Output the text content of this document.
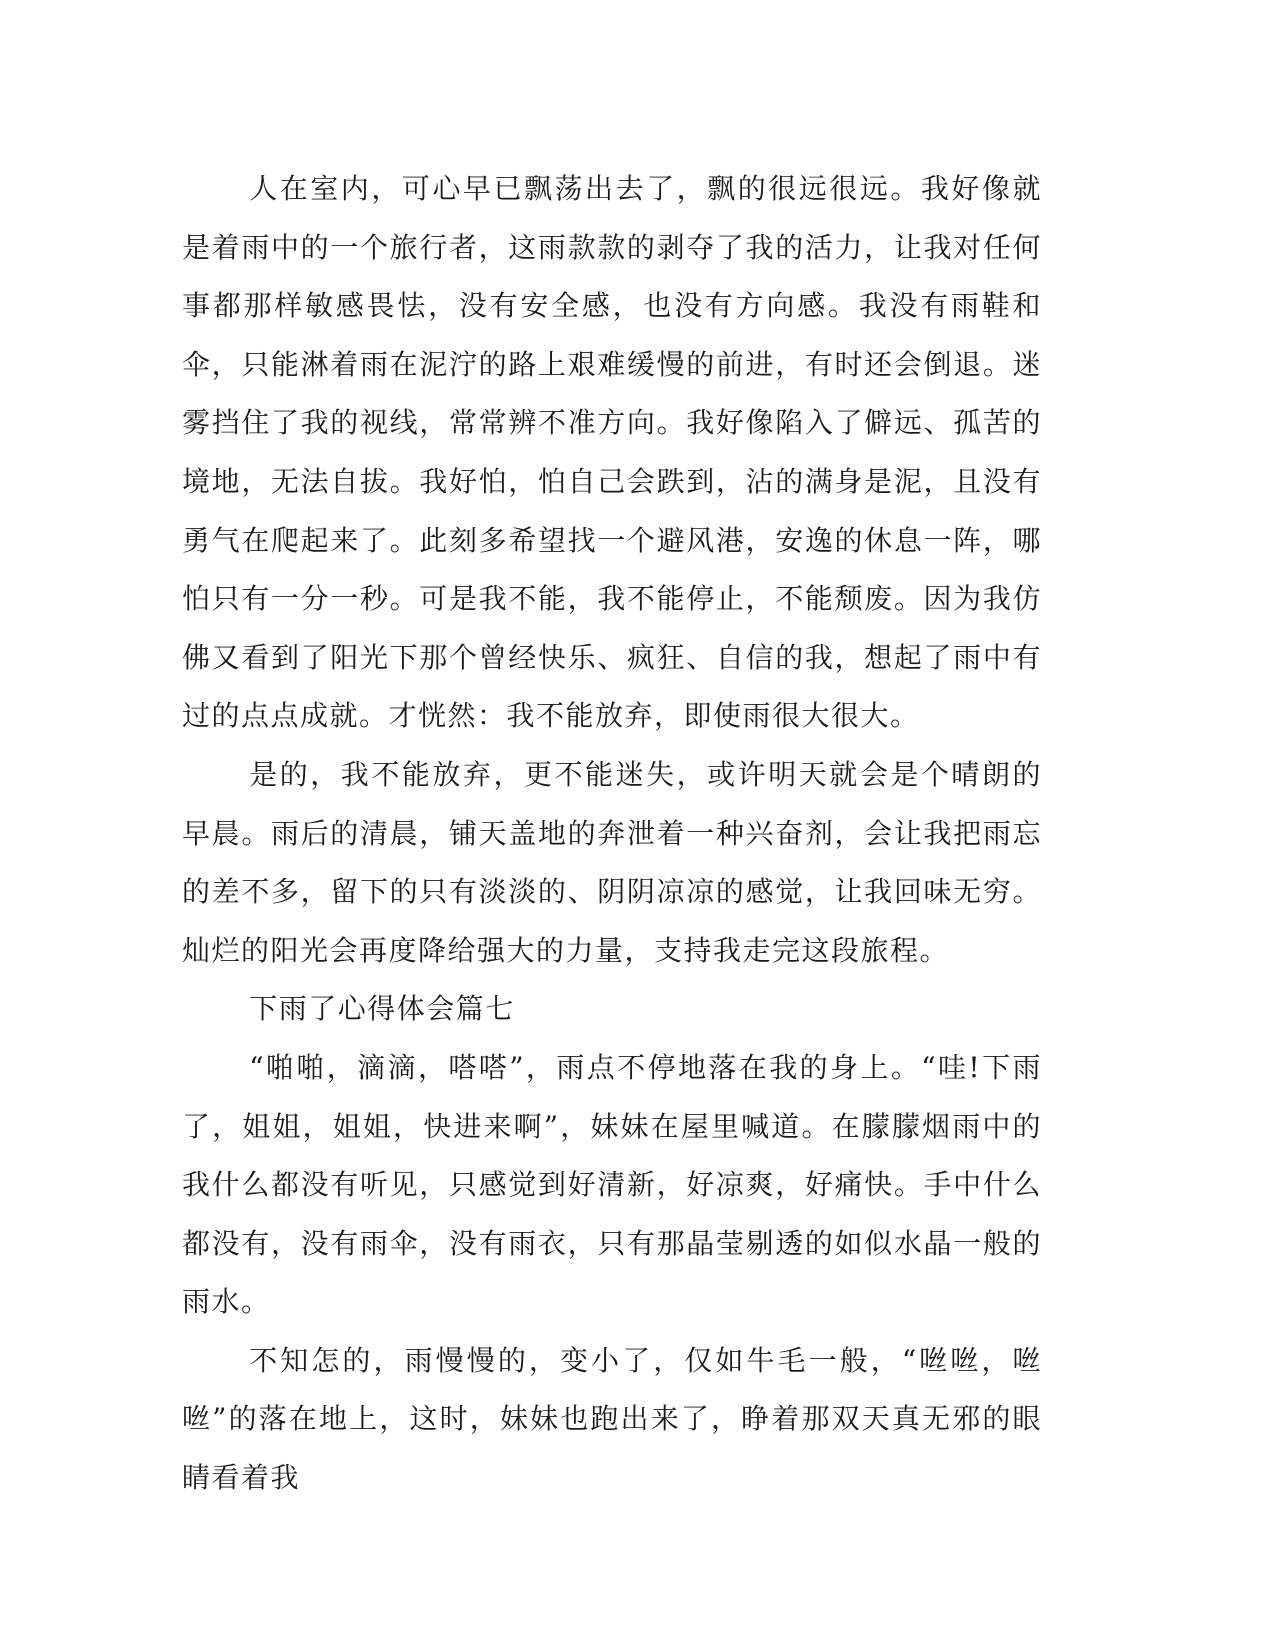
人在室内，可心早已飘荡出去了，飘的很远很远。我好像就是着雨中的一个旅行者，这雨款款的剥夺了我的活力，让我对任何事都那样敏感畏怯，没有安全感，也没有方向感。我没有雨鞋和伞，只能淋着雨在泥泞的路上艰难缓慢的前进，有时还会倒退。迷雾挡住了我的视线，常常辨不准方向。我好像陷入了僻远、孤苦的境地，无法自拔。我好怕，怕自己会跌到，沾的满身是泥，且没有勇气在爬起来了。此刻多希望找一个避风港，安逸的休息一阵，哪怕只有一分一秒。可是我不能，我不能停止，不能颓废。因为我仿佛又看到了阳光下那个曾经快乐、疯狂、自信的我，想起了雨中有过的点点成就。才恍然：我不能放弃，即使雨很大很大。

是的，我不能放弃，更不能迷失，或许明天就会是个晴朗的早晨。雨后的清晨，铺天盖地的奔泄着一种兴奋剂，会让我把雨忘的差不多，留下的只有淡淡的、阴阴凉凉的感觉，让我回味无穷。灿烂的阳光会再度降给强大的力量，支持我走完这段旅程。

下雨了心得体会篇七

“啪啪，滴滴，嗒嗒”，雨点不停地落在我的身上。“哇!下雨了，姐姐，姐姐，快进来啊”，妹妹在屋里喊道。在朦朦烟雨中的我什么都没有听见，只感觉到好清新，好凉爽，好痛快。手中什么都没有，没有雨伞，没有雨衣，只有那晶莹剔透的如似水晶一般的雨水。

不知怎的，雨慢慢的，变小了，仅如牛毛一般，“咝咝，咝咝”的落在地上，这时，妹妹也跑出来了，睁着那双天真无邪的眼睛看着我
